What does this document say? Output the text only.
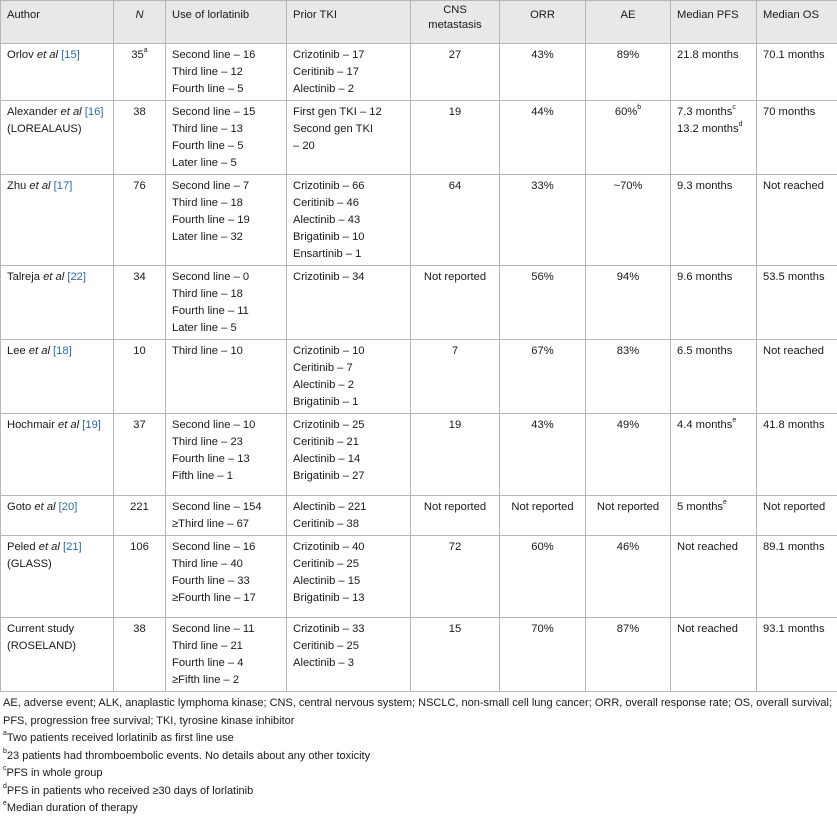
Author	N	Use of lorlatinib	Prior TKI	CNS metastasis	ORR	AE	Median PFS	Median OS

Orlov et al [15]	35$^a$	Second line – 16
Third line – 12
Fourth line – 5	Crizotinib – 17
Ceritinib – 17
Alectinib – 2	27	43%	89%	21.8 months	70.1 months

Alexander et al [16]
(LOREALAUS)	38	Second line – 15
Third line – 13
Fourth line – 5
Later line – 5	First gen TKI – 12
Second gen TKI
– 20	19	44%	60%$^b$	7.3 months$^c$
13.2 months$^d$	70 months

Zhu et al [17]	76	Second line – 7
Third line – 18
Fourth line – 19
Later line – 32	Crizotinib – 66
Ceritinib – 46
Alectinib – 43
Brigatinib – 10
Ensartinib – 1	64	33%	~70%	9.3 months	Not reached

Talreja et al [22]	34	Second line – 0
Third line – 18
Fourth line – 11
Later line – 5	Crizotinib – 34	Not reported	56%	94%	9.6 months	53.5 months

Lee et al [18]	10	Third line – 10	Crizotinib – 10
Ceritinib – 7
Alectinib – 2
Brigatinib – 1	7	67%	83%	6.5 months	Not reached

Hochmair et al [19]	37	Second line – 10
Third line – 23
Fourth line – 13
Fifth line – 1	Crizotinib – 25
Ceritinib – 21
Alectinib – 14
Brigatinib – 27	19	43%	49%	4.4 months$^e$	41.8 months

Goto et al [20]	221	Second line – 154
≥Third line – 67	Alectinib – 221
Ceritinib – 38	Not reported	Not reported	Not reported	5 months$^e$	Not reported

Peled et al [21]
(GLASS)	106	Second line – 16
Third line – 40
Fourth line – 33
≥Fourth line – 17	Crizotinib – 40
Ceritinib – 25
Alectinib – 15
Brigatinib – 13	72	60%	46%	Not reached	89.1 months

Current study
(ROSELAND)	38	Second line – 11
Third line – 21
Fourth line – 4
≥Fifth line – 2	Crizotinib – 33
Ceritinib – 25
Alectinib – 3	15	70%	87%	Not reached	93.1 months
AE, adverse event; ALK, anaplastic lymphoma kinase; CNS, central nervous system; NSCLC, non-small cell lung cancer; ORR, overall response rate; OS, overall survival; PFS, progression free survival; TKI, tyrosine kinase inhibitor
$^a$Two patients received lorlatinib as first line use
$^b$23 patients had thromboembolic events. No details about any other toxicity
$^c$PFS in whole group
$^d$PFS in patients who received ≥30 days of lorlatinib
$^e$Median duration of therapy
